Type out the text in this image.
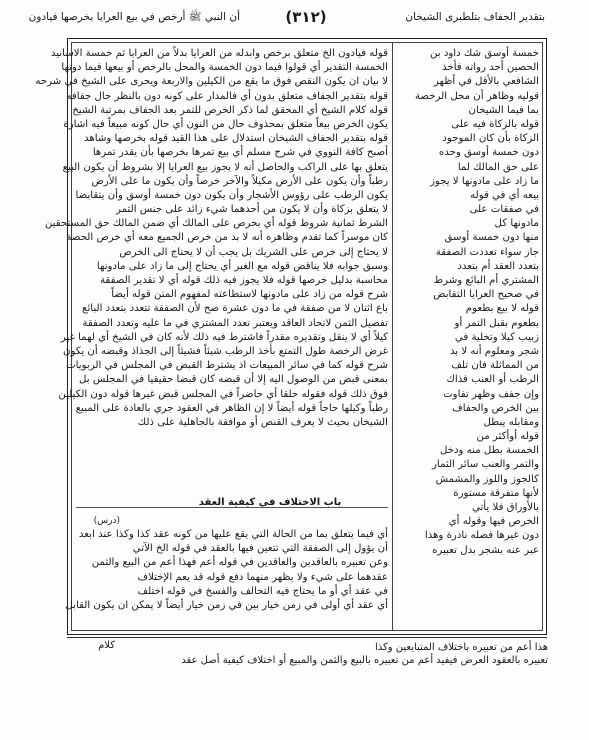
أن النبي ﷺ أرخص في بيع العرايا بخرصها فيادون	(٣١٢)	بتقدير الجفاف بتلطبرى الشيخان
قوله فيادون الخ متعلق برخص وابدله من العرايا بدلاً من العرايا ثم خمسة الاسانيد
الخمسة التقدير أي قولوا فيما دون الخمسة والمحل بالرخص أو بيعها فيما دونها
لا بيان ان يكون النقص فوق ما يقع من الكيلين والاربعة ويحرى على الشيخ في شرحه
قوله بتقدير الجفاف متعلق بدون أي فالمدار على كونه دون بالنظر حال جفافه
قوله كلام الشيخ أي المحقق لما ذكر الخرص للتمر بعد الجفاف بمرتبة الشيخ
يكون الخرص بيعاً متعلق بمحذوف حال من النون أي حال كونه مبيعاً فيه اشارة
قوله بتقدير الجفاف الشيخان استدلال على هذا القيد قوله بخرصها وشاهد
أصبح كافة النووي في شرح مسلم أي بيع تمرها بخرصها بأن يقدر تمرها
يتعلق بها على الراكب والحاصل أنه لا يجوز بيع العرايا إلا بشروط أن يكون البيع
رطباً وأن يكون على الأرض مكيلاً والآخر خرصاً وأن يكون ما على الأرض
يكون الرطب على رؤوس الأشجار وأن يكون دون خمسة أوسق وأن يتقابضا
لا يتعلق بزكاة وأن لا يكون من أحدهما شيء زائد على جنس التمر
الشرط ثمانية شروط قوله أي بخرص على المالك أي ضمن المالك حق المستحقين
كان موسراً كما تقدم وظاهره أنه لا بد من خرص الجميع معه أي خرص الحصة
لا يحتاج إلى خرص على الشريك بل يجب أن لا يحتاج الى الخرص
وسبق جوابه فلا يناقض قوله مع الغير أي يحتاج إلى ما زاد على مادونها
محاسبة بدليل خرصها قوله فلا يجوز فيه ذلك قوله أي لا تقدير الصفقة
شرح قوله من زاد على مادونها لاستطاعته لمفهوم المتن قوله أيضاً
باع اثنان لا من صفقة في ما دون عشرة صح لأن الصفقة تتعدد بتعدد البائع
تفصيل الثمن لاتحاد العاقد ويعتبر تعدد المشتري في ما عليه وتعدد الصفقة
كيلاً أي لا ينقل وتقديره مقدراً فاشترط فيه ذلك لأنه كان في الشيخ أي لهما غير
غرض الرخصة طول التمتع بأخذ الرطب شيئاً فشيئاً إلى الجذاذ وقبضه أن يكون
شرح قوله كما في سائر المبيعات اذ يشترط القبض في المجلس في الربويات
بمعنى قبض من الوصول اليه إلا أن قبضه كان قبضا حقيقيا في المجلس بل
فوق ذلك قوله فقوله حلقا أي حاضراً في المجلس قبض غيرها قوله دون الكيلين
رطباً وكيلها حاجاً قوله أيضاً لا إن الظاهر في العقود جري بالعادة على المبيع
الشيخان بحيث لا يعرف القنص أو موافقة بالجاهلية على ذلك
باب الاختلاف في كيفية العقد
(درس)
أي فيما يتعلق بما من الحالة التي يقع عليها من كونه عقد كذا وكذا عند ابعد
أن يؤول إلى الصفقة التي تتعين فيها بالعقد في قوله الخ الآتي
وعن تعبيره بالعاقدين والعاقدين في قوله أعم فهذا أعم من البيع والثمن
عقدهما على شيء ولا يظهر منهما دفع قوله قد يعم الإختلاف
في عقد أي أو ما يحتاج فيه التحالف والفسخ في قوله اختلف
أي عقد أي أولى في زمن خيار بين في زمن خيار أيضاً لا يمكن ان يكون القابل
خمسة أوسق شك داود بن
الحصين أحد رواته فأخذ
الشافعي بالأقل في أظهر
قوليه وظاهر أن محل الرخصة
بما فيما الشيخان
قوله بالزكاة فيه على
الزكاة بأن كان الموجود
دون خمسة أوسق وحده
على حق المالك لما
ما زاد على مادونها لا يجوز
بيعه أي في قوله
في صفقات على
مادونها كل
منها دون خمسة أوسق
جاز سواء تعددت الصفقة
بتعدد العقد أم بتعدد
المشتري أم البائع وشرط
في صحيح العرايا التقابض
قوله لا بيع بطعوم
بطعوم بقبل التمر أو
زبيب كيلا وتخلية في
شجر ومعلوم أنه لا بد
من المماثلة فان تلف
الرطب أو العنب فذاك
وإن جفف وظهر تفاوت
بين الخرص والجفاف
ومقابله يبطل
قوله أوأكثر من
الخمسة بطل منه ودخل
والتمر والعنب سائر الثمار
كالجوز واللوز والمشمش
لأنها متفرقة مستورة
بالأوراق فلا يأتي
الخرص فيها وقوله أي
دون غيرها فصله نادرة وهذا
عبر عنه بشجر بدل تعبيره
كلام	هذا أعم من تعبيره باختلاف المتبايعين وكذا
تعبيره بالعقود العرض فيفيد أعم من تعبيره بالبيع والثمن والمبيع أو اختلاف كيفية أصل عقد
